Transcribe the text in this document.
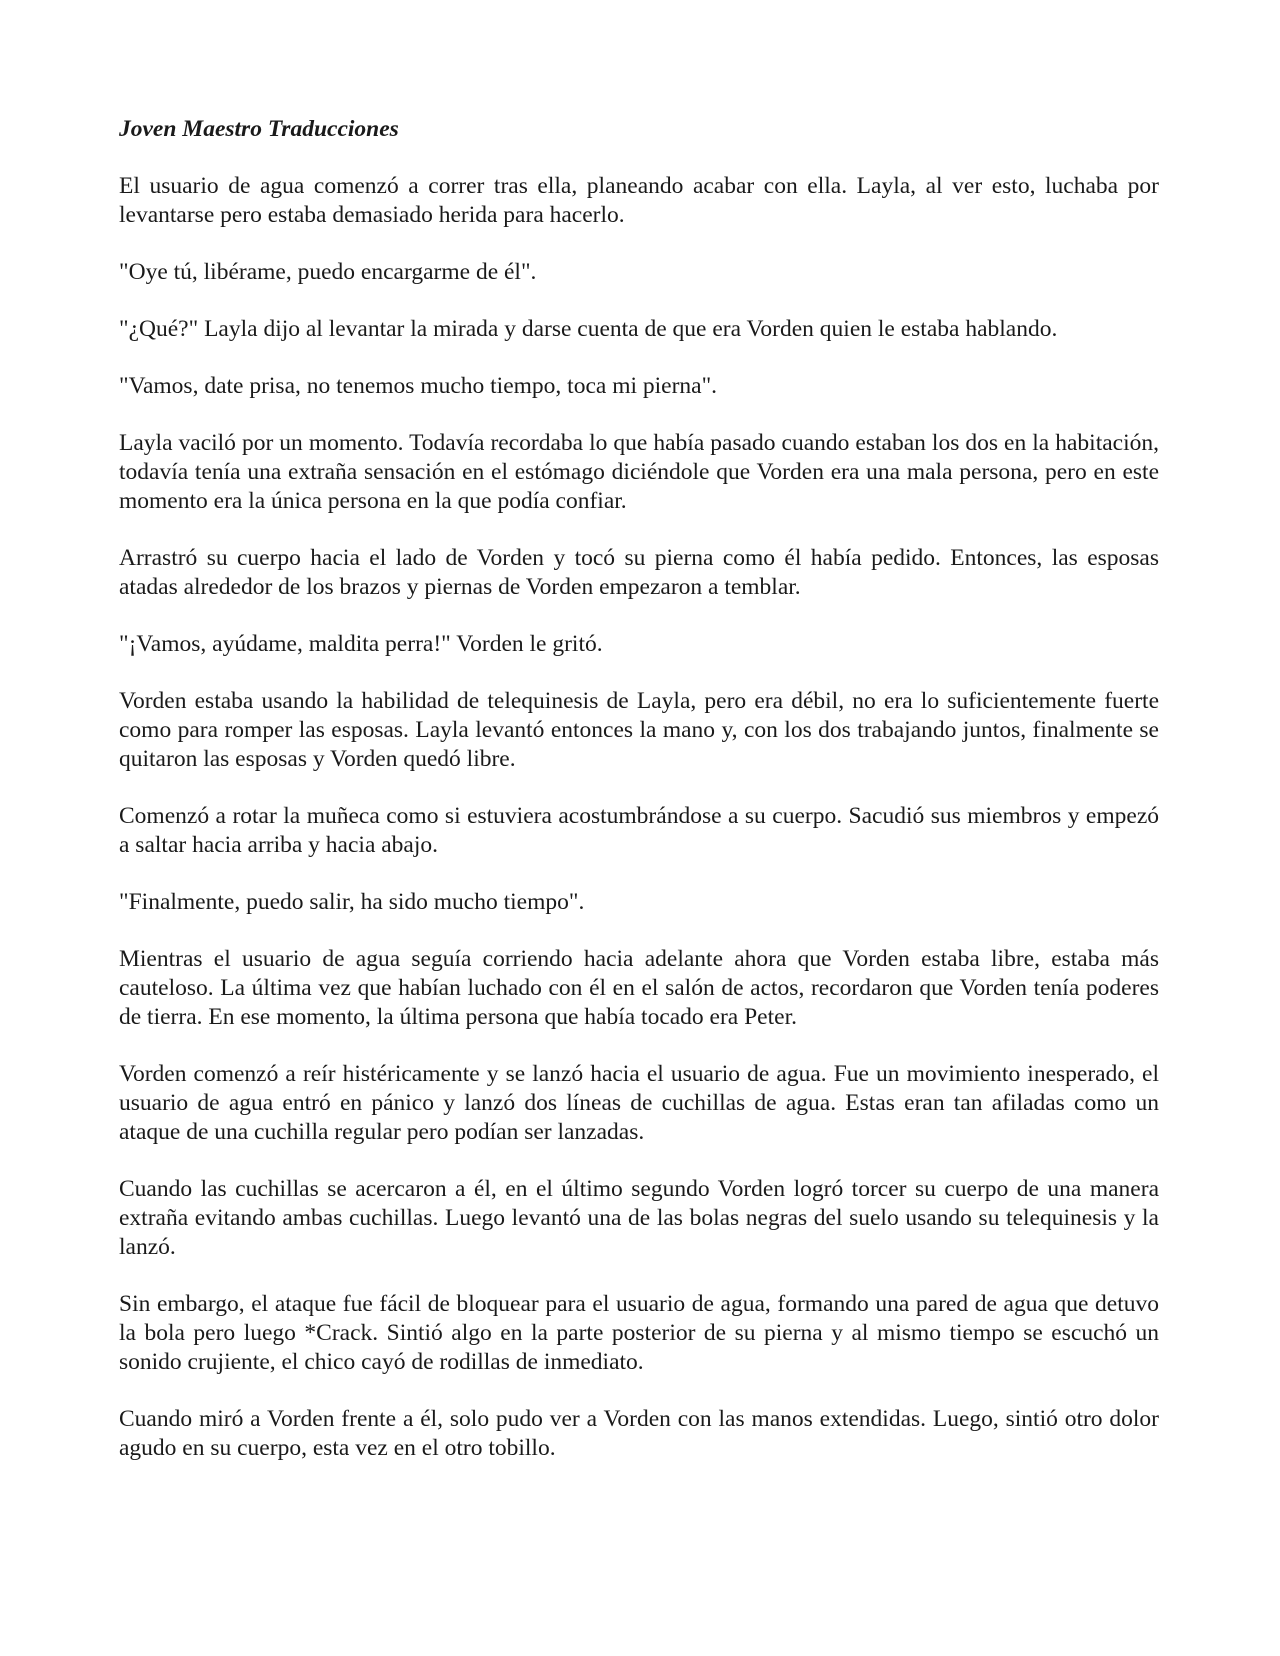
Joven Maestro Traducciones

El usuario de agua comenzó a correr tras ella, planeando acabar con ella. Layla, al ver esto, luchaba por levantarse pero estaba demasiado herida para hacerlo.

"Oye tú, libérame, puedo encargarme de él".

"¿Qué?" Layla dijo al levantar la mirada y darse cuenta de que era Vorden quien le estaba hablando.

"Vamos, date prisa, no tenemos mucho tiempo, toca mi pierna".

Layla vaciló por un momento. Todavía recordaba lo que había pasado cuando estaban los dos en la habitación, todavía tenía una extraña sensación en el estómago diciéndole que Vorden era una mala persona, pero en este momento era la única persona en la que podía confiar.

Arrastró su cuerpo hacia el lado de Vorden y tocó su pierna como él había pedido. Entonces, las esposas atadas alrededor de los brazos y piernas de Vorden empezaron a temblar.

"¡Vamos, ayúdame, maldita perra!" Vorden le gritó.

Vorden estaba usando la habilidad de telequinesis de Layla, pero era débil, no era lo suficientemente fuerte como para romper las esposas. Layla levantó entonces la mano y, con los dos trabajando juntos, finalmente se quitaron las esposas y Vorden quedó libre.

Comenzó a rotar la muñeca como si estuviera acostumbrándose a su cuerpo. Sacudió sus miembros y empezó a saltar hacia arriba y hacia abajo.

"Finalmente, puedo salir, ha sido mucho tiempo".

Mientras el usuario de agua seguía corriendo hacia adelante ahora que Vorden estaba libre, estaba más cauteloso. La última vez que habían luchado con él en el salón de actos, recordaron que Vorden tenía poderes de tierra. En ese momento, la última persona que había tocado era Peter.

Vorden comenzó a reír histéricamente y se lanzó hacia el usuario de agua. Fue un movimiento inesperado, el usuario de agua entró en pánico y lanzó dos líneas de cuchillas de agua. Estas eran tan afiladas como un ataque de una cuchilla regular pero podían ser lanzadas.

Cuando las cuchillas se acercaron a él, en el último segundo Vorden logró torcer su cuerpo de una manera extraña evitando ambas cuchillas. Luego levantó una de las bolas negras del suelo usando su telequinesis y la lanzó.

Sin embargo, el ataque fue fácil de bloquear para el usuario de agua, formando una pared de agua que detuvo la bola pero luego *Crack. Sintió algo en la parte posterior de su pierna y al mismo tiempo se escuchó un sonido crujiente, el chico cayó de rodillas de inmediato.

Cuando miró a Vorden frente a él, solo pudo ver a Vorden con las manos extendidas. Luego, sintió otro dolor agudo en su cuerpo, esta vez en el otro tobillo.
